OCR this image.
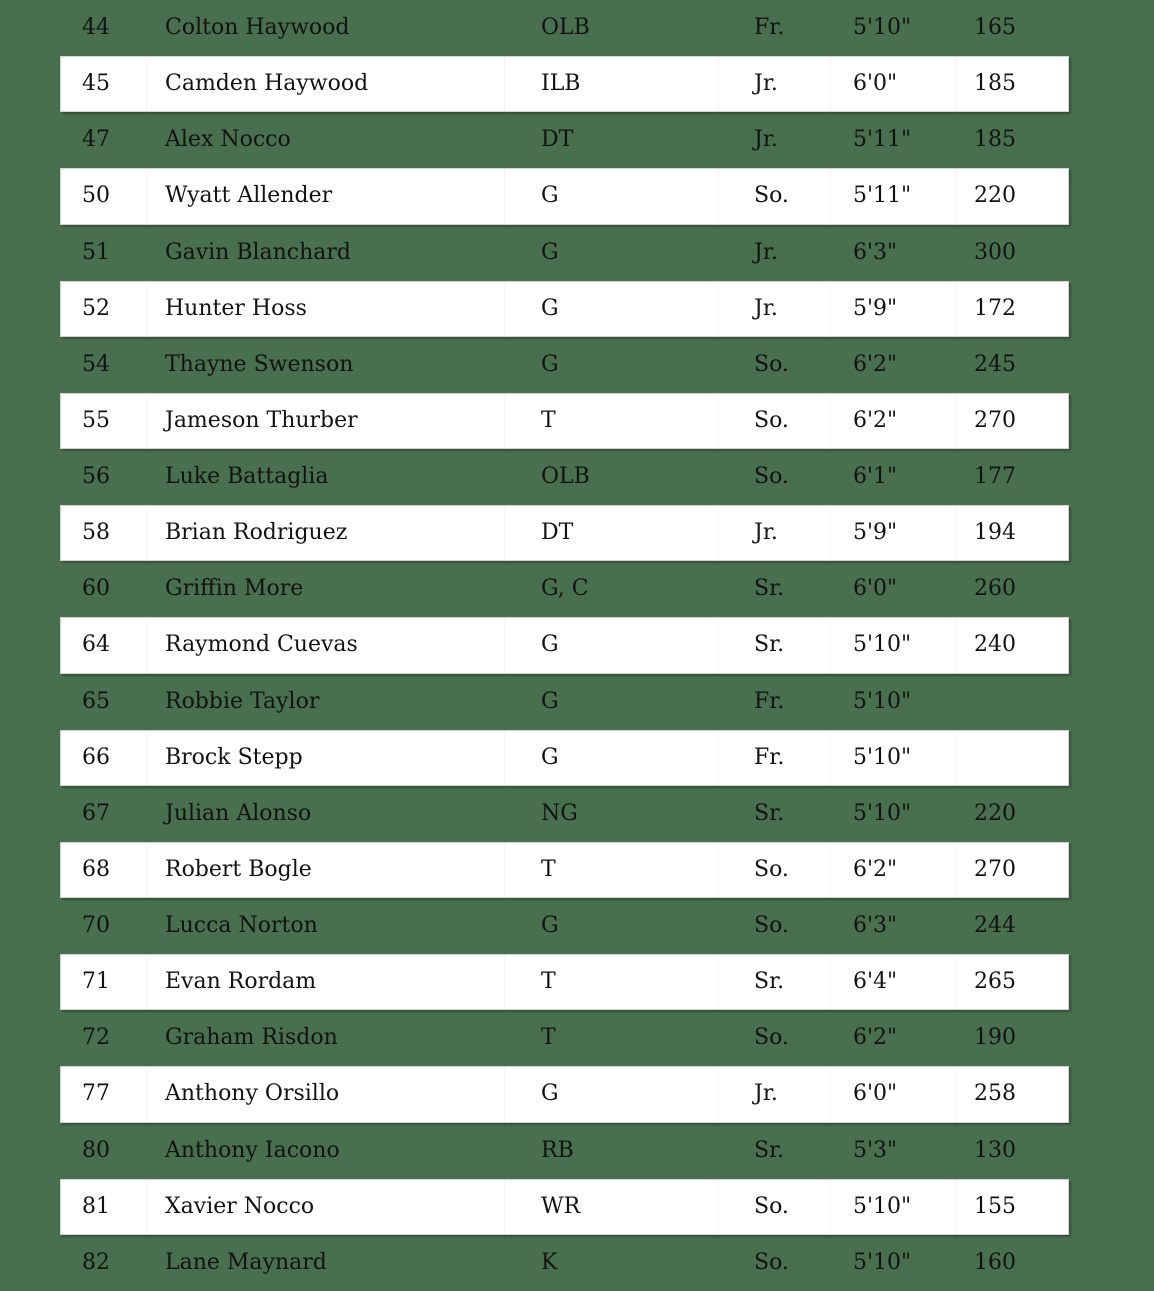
44	Colton Haywood	OLB	Fr.	5'10"	165
45	Camden Haywood	ILB	Jr.	6'0"	185
47	Alex Nocco	DT	Jr.	5'11"	185
50	Wyatt Allender	G	So.	5'11"	220
51	Gavin Blanchard	G	Jr.	6'3"	300
52	Hunter Hoss	G	Jr.	5'9"	172
54	Thayne Swenson	G	So.	6'2"	245
55	Jameson Thurber	T	So.	6'2"	270
56	Luke Battaglia	OLB	So.	6'1"	177
58	Brian Rodriguez	DT	Jr.	5'9"	194
60	Griffin More	G, C	Sr.	6'0"	260
64	Raymond Cuevas	G	Sr.	5'10"	240
65	Robbie Taylor	G	Fr.	5'10"
66	Brock Stepp	G	Fr.	5'10"
67	Julian Alonso	NG	Sr.	5'10"	220
68	Robert Bogle	T	So.	6'2"	270
70	Lucca Norton	G	So.	6'3"	244
71	Evan Rordam	T	Sr.	6'4"	265
72	Graham Risdon	T	So.	6'2"	190
77	Anthony Orsillo	G	Jr.	6'0"	258
80	Anthony Iacono	RB	Sr.	5'3"	130
81	Xavier Nocco	WR	So.	5'10"	155
82	Lane Maynard	K	So.	5'10"	160
